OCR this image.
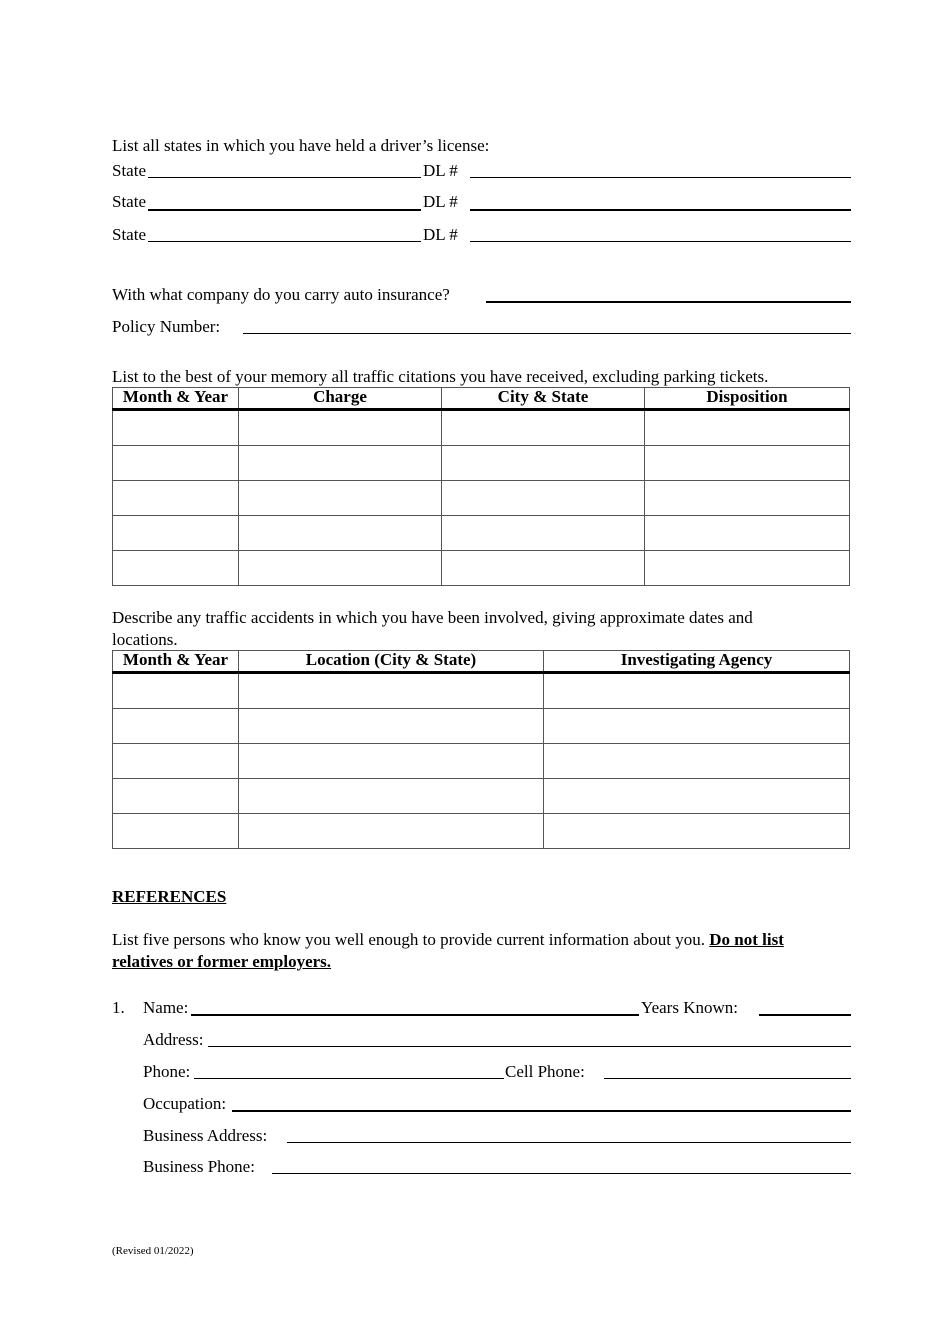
List all states in which you have held a driver’s license:
State	DL #
State	DL #
State	DL #
With what company do you carry auto insurance?
Policy Number:
List to the best of your memory all traffic citations you have received, excluding parking tickets.
Month & Year	Charge	City & State	Disposition

Describe any traffic accidents in which you have been involved, giving approximate dates and
locations.
Month & Year	Location (City & State)	Investigating Agency

REFERENCES
List five persons who know you well enough to provide current information about you. Do not list
relatives or former employers.
1. Name:	Years Known:
Address:
Phone:	Cell Phone:
Occupation:
Business Address:
Business Phone:
(Revised 01/2022)
